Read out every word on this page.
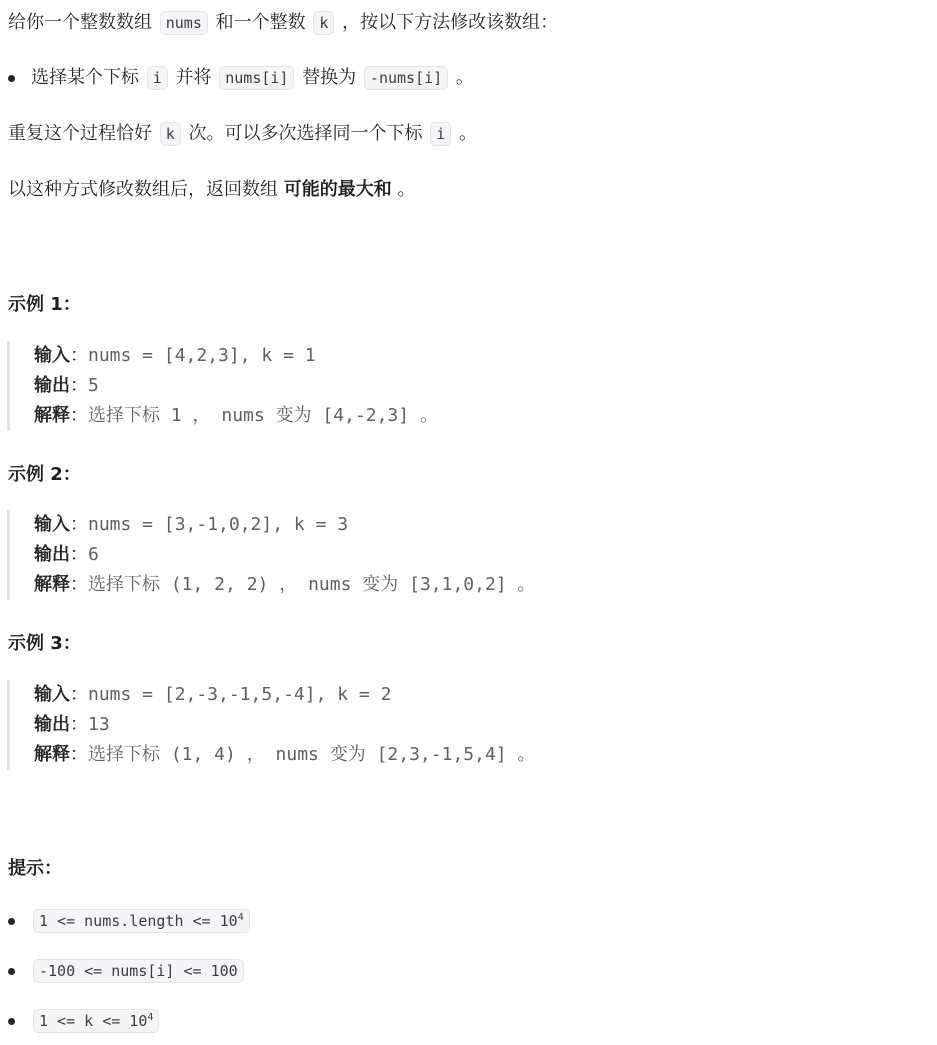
给你一个整数数组 nums 和一个整数 k ，按以下方法修改该数组：
选择某个下标 i 并将 nums[i] 替换为 -nums[i] 。
重复这个过程恰好 k 次。可以多次选择同一个下标 i 。
以这种方式修改数组后，返回数组 可能的最大和 。
示例 1：
输入：nums = [4,2,3], k = 1
输出：5
解释：选择下标 1 ， nums 变为 [4,-2,3] 。
示例 2：
输入：nums = [3,-1,0,2], k = 3
输出：6
解释：选择下标 (1, 2, 2) ， nums 变为 [3,1,0,2] 。
示例 3：
输入：nums = [2,-3,-1,5,-4], k = 2
输出：13
解释：选择下标 (1, 4) ， nums 变为 [2,3,-1,5,4] 。
提示：
1 <= nums.length <= $10^4$
-100 <= nums[i] <= 100
$1 <= k <= 10^4$
